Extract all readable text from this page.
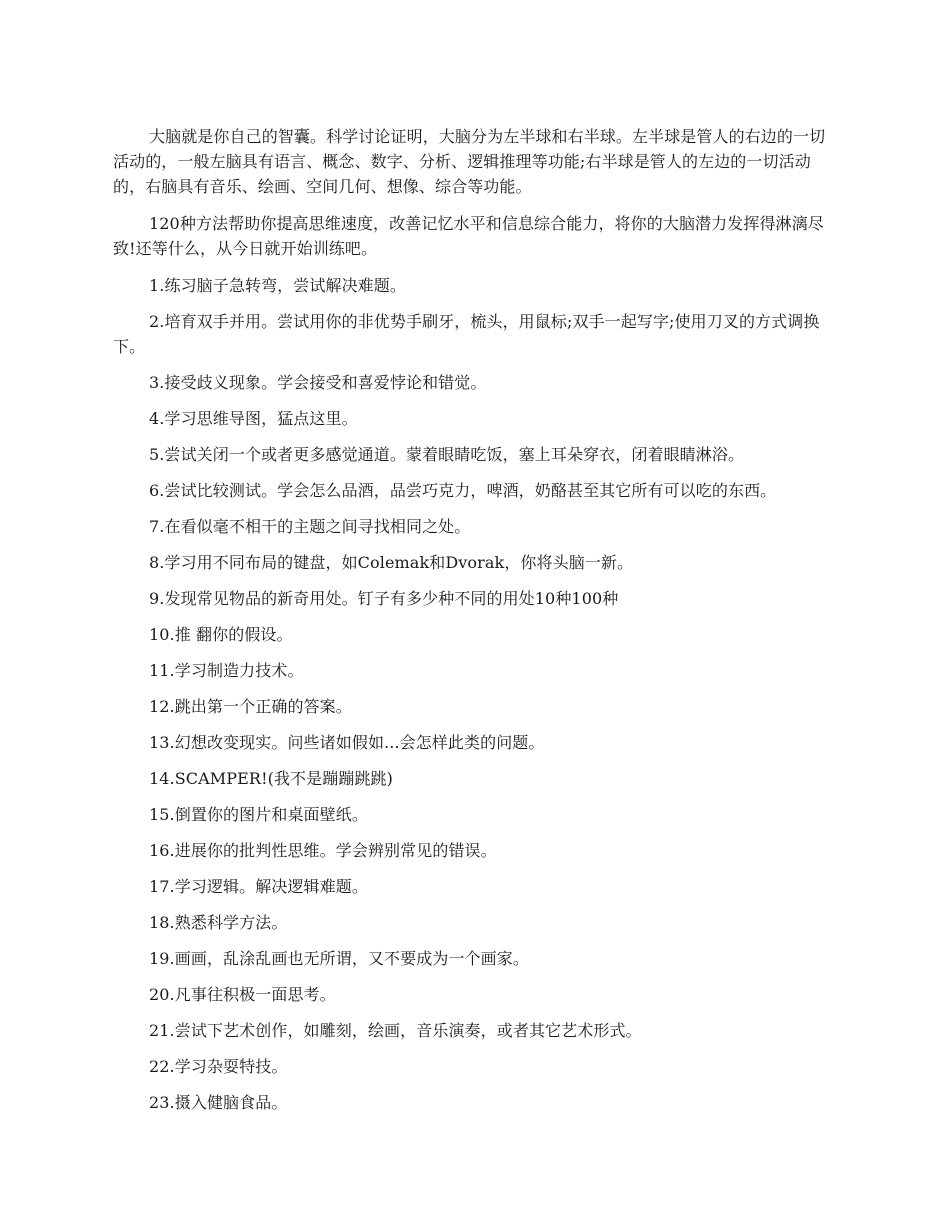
大脑就是你自己的智囊。科学讨论证明，大脑分为左半球和右半球。左半球是管人的右边的一切活动的，一般左脑具有语言、概念、数字、分析、逻辑推理等功能;右半球是管人的左边的一切活动的，右脑具有音乐、绘画、空间几何、想像、综合等功能。

120种方法帮助你提高思维速度，改善记忆水平和信息综合能力，将你的大脑潜力发挥得淋漓尽致!还等什么，从今日就开始训练吧。

1.练习脑子急转弯，尝试解决难题。

2.培育双手并用。尝试用你的非优势手刷牙，梳头，用鼠标;双手一起写字;使用刀叉的方式调换下。

3.接受歧义现象。学会接受和喜爱悖论和错觉。

4.学习思维导图，猛点这里。

5.尝试关闭一个或者更多感觉通道。蒙着眼睛吃饭，塞上耳朵穿衣，闭着眼睛淋浴。

6.尝试比较测试。学会怎么品酒，品尝巧克力，啤酒，奶酪甚至其它所有可以吃的东西。

7.在看似毫不相干的主题之间寻找相同之处。

8.学习用不同布局的键盘，如Colemak和Dvorak，你将头脑一新。

9.发现常见物品的新奇用处。钉子有多少种不同的用处10种100种

10.推 翻你的假设。

11.学习制造力技术。

12.跳出第一个正确的答案。

13.幻想改变现实。问些诸如假如...会怎样此类的问题。

14.SCAMPER!(我不是蹦蹦跳跳)

15.倒置你的图片和桌面壁纸。

16.进展你的批判性思维。学会辨别常见的错误。

17.学习逻辑。解决逻辑难题。

18.熟悉科学方法。

19.画画，乱涂乱画也无所谓，又不要成为一个画家。

20.凡事往积极一面思考。

21.尝试下艺术创作，如雕刻，绘画，音乐演奏，或者其它艺术形式。

22.学习杂耍特技。

23.摄入健脑食品。
